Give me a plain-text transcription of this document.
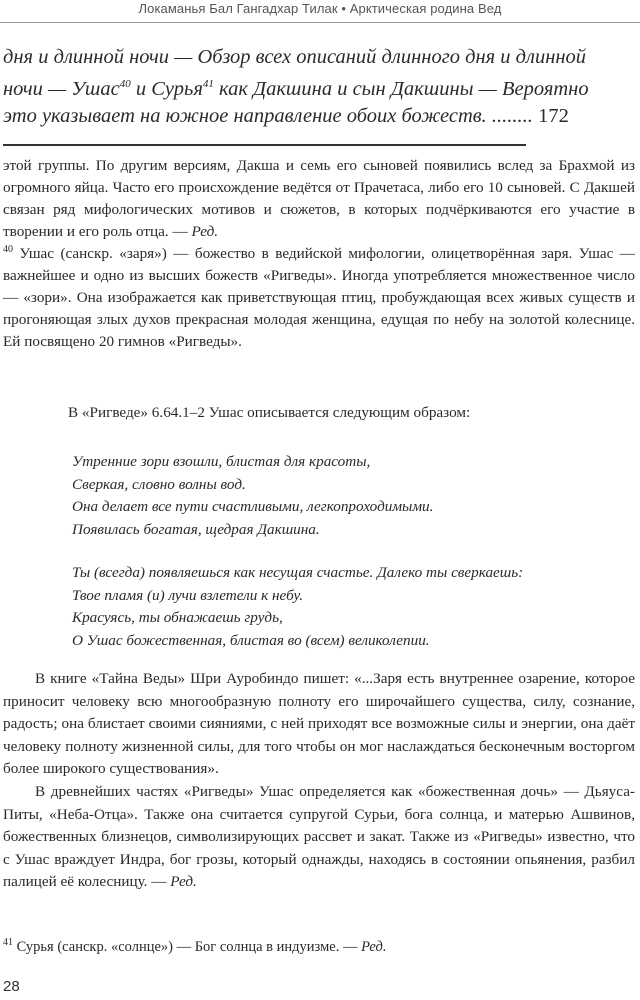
Локаманья Бал Гангадхар Тилак • Арктическая родина Вед
дня и длинной ночи — Обзор всех описаний длинного дня и длинной
ночи — Ушас$^{40}$ и Сурья$^{41}$ как Дакшина и сын Дакшины — Вероятно
это указывает на южное направление обоих божеств. ........ 172

этой группы. По другим версиям, Дакша и семь его сыновей появились вслед за Брахмой из огромного яйца. Часто его происхождение ведётся от Прачетаса, либо его 10 сыновей. С Дакшей связан ряд мифологических мотивов и сюжетов, в которых подчёркиваются его участие в творении и его роль отца. — Ред.

$^{40}$ Ушас (санскр. «заря») — божество в ведийской мифологии, олицетворённая заря. Ушас — важнейшее и одно из высших божеств «Ригведы». Иногда употребляется множественное число — «зори». Она изображается как приветствующая птиц, пробуждающая всех живых существ и прогоняющая злых духов прекрасная молодая женщина, едущая по небу на золотой колеснице. Ей посвящено 20 гимнов «Ригведы».

В «Ригведе» 6.64.1–2 Ушас описывается следующим образом:

Утренние зори взошли, блистая для красоты,

Сверкая, словно волны вод.

Она делает все пути счастливыми, легкопроходимыми.

Появилась богатая, щедрая Дакшина.

Ты (всегда) появляешься как несущая счастье. Далеко ты сверкаешь:

Твое пламя (и) лучи взлетели к небу.

Красуясь, ты обнажаешь грудь,

О Ушас божественная, блистая во (всем) великолепии.

В книге «Тайна Веды» Шри Ауробиндо пишет: «...Заря есть внутреннее озарение, которое приносит человеку всю многообразную полноту его широчайшего существа, силу, сознание, радость; она блистает своими сияниями, с ней приходят все возможные силы и энергии, она даёт человеку полноту жизненной силы, для того чтобы он мог наслаждаться бесконечным восторгом более широкого существования».

В древнейших частях «Ригведы» Ушас определяется как «божественная дочь» — Дьяуса-Питы, «Неба-Отца». Также она считается супругой Сурьи, бога солнца, и матерью Ашвинов, божественных близнецов, символизирующих рассвет и закат. Также из «Ригведы» известно, что с Ушас враждует Индра, бог грозы, который однажды, находясь в состоянии опьянения, разбил палицей её колесницу. — Ред.

$^{41}$ Сурья (санскр. «солнце») — Бог солнца в индуизме. — Ред.
28
